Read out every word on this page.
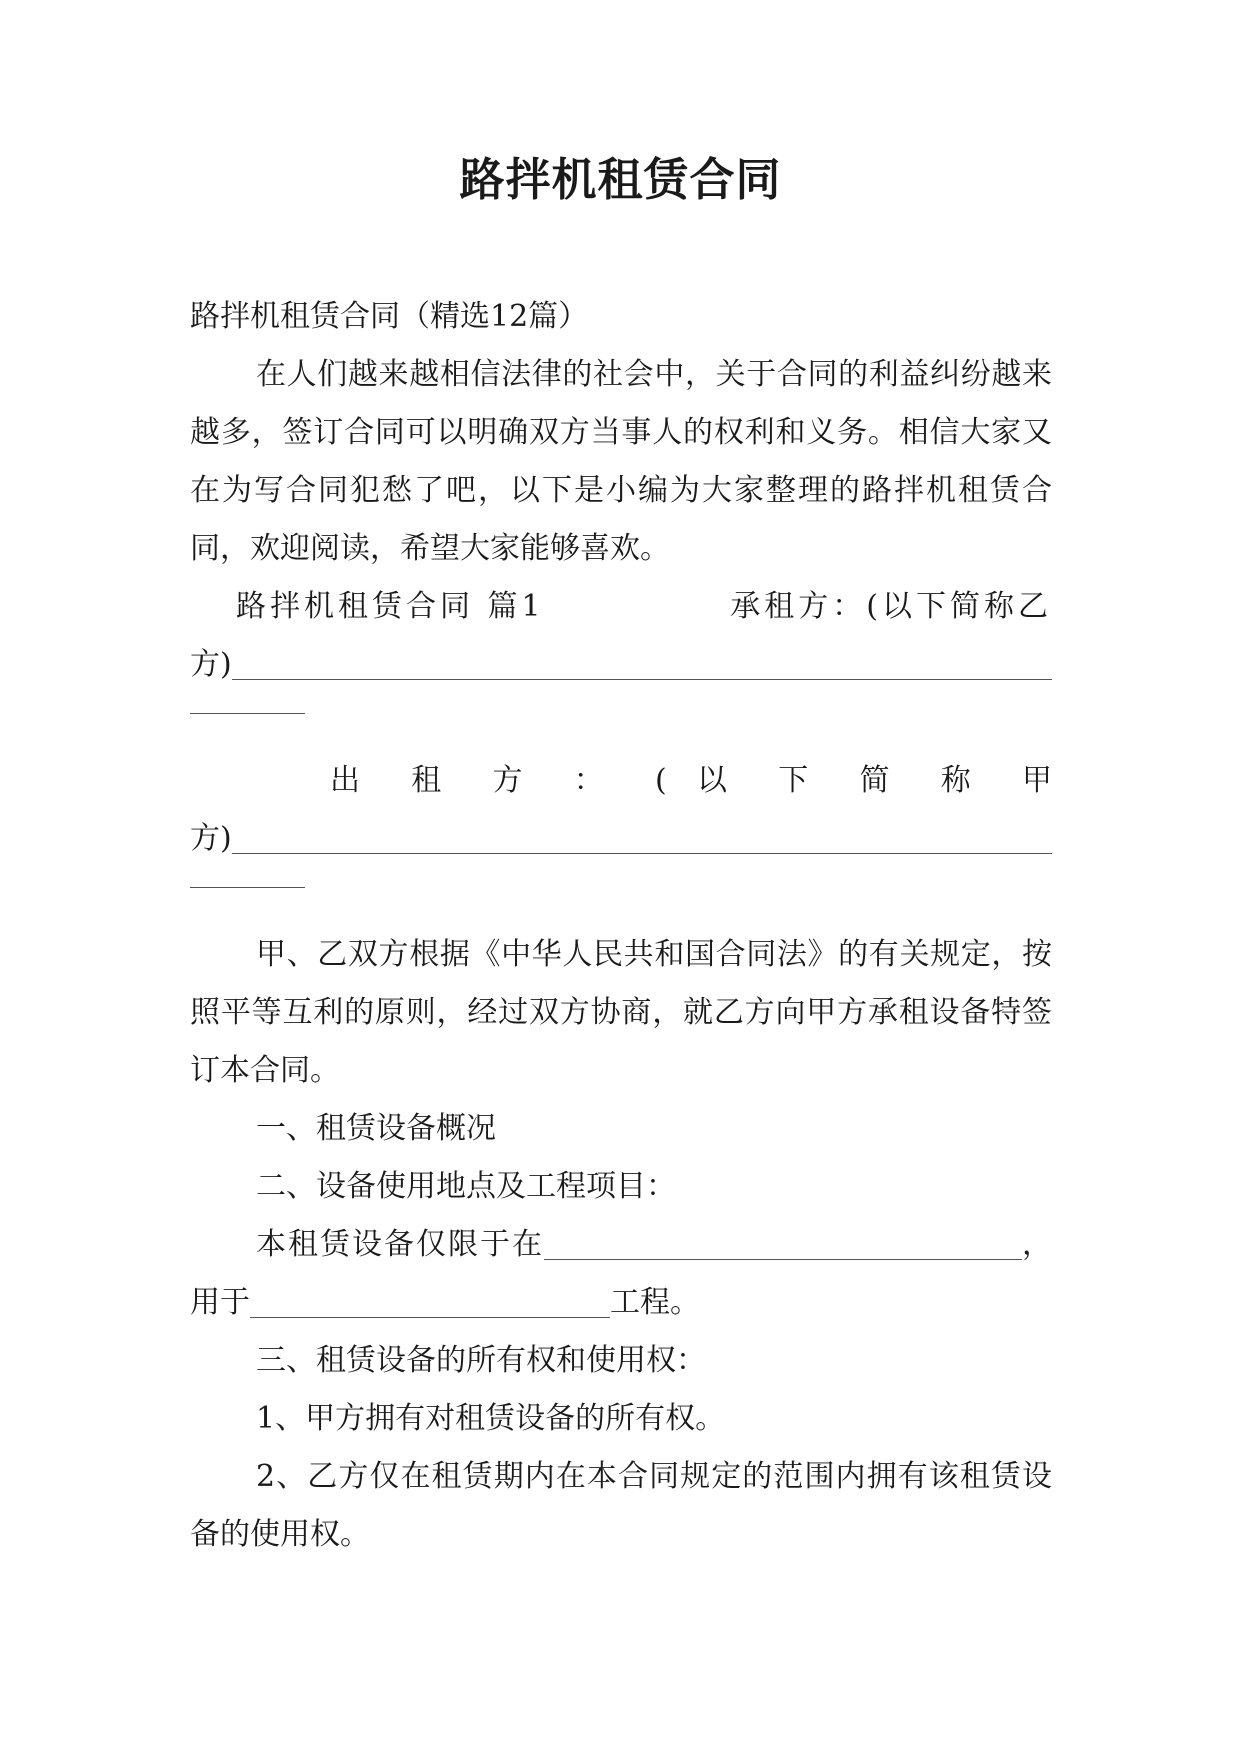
路拌机租赁合同

路拌机租赁合同（精选12篇）

在人们越来越相信法律的社会中，关于合同的利益纠纷越来越多，签订合同可以明确双方当事人的权利和义务。相信大家又在为写合同犯愁了吧，以下是小编为大家整理的路拌机租赁合同，欢迎阅读，希望大家能够喜欢。

路拌机租赁合同 篇1	承租方：(以下简称乙

方)

出 租 方 ： ( 以 下 简 称 甲

方)

甲、乙双方根据《中华人民共和国合同法》的有关规定，按照平等互利的原则，经过双方协商，就乙方向甲方承租设备特签订本合同。

一、租赁设备概况

二、设备使用地点及工程项目：

本租赁设备仅限于在	，

用于	工程。

三、租赁设备的所有权和使用权：

1、甲方拥有对租赁设备的所有权。

2、乙方仅在租赁期内在本合同规定的范围内拥有该租赁设备的使用权。
